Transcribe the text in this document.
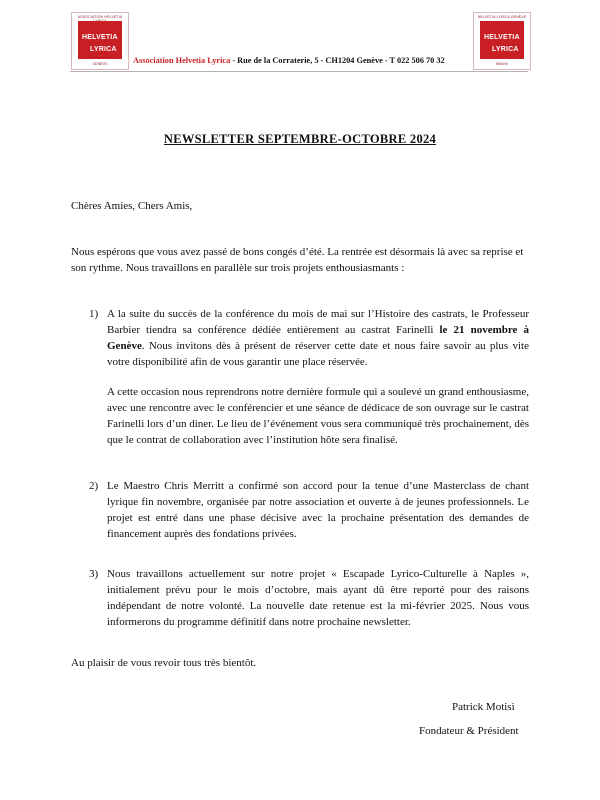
ASSOCIATION HELVETIA
HELVETIA
LYRICA
GENÈVE
HELVETIA LYRICA GENÈVE
HELVETIA
LYRICA
MMXVII
Association Helvetia Lyrica - Rue de la Corraterie, 5 - CH1204 Genève - T 022 506 70 32
NEWSLETTER SEPTEMBRE-OCTOBRE 2024
Chères Amies, Chers Amis,
Nous espérons que vous avez passé de bons congés d’été. La rentrée est désormais là avec sa reprise et son rythme. Nous travaillons en parallèle sur trois projets enthousiasmants :
1) A la suite du succès de la conférence du mois de mai sur l’Histoire des castrats, le Professeur Barbier tiendra sa conférence dédiée entièrement au castrat Farinelli le 21 novembre à Genève. Nous invitons dès à présent de réserver cette date et nous faire savoir au plus vite votre disponibilité afin de vous garantir une place réservée.

A cette occasion nous reprendrons notre dernière formule qui a soulevé un grand enthousiasme, avec une rencontre avec le conférencier et une séance de dédicace de son ouvrage sur le castrat Farinelli lors d’un diner. Le lieu de l’événement vous sera communiqué très prochainement, dès que le contrat de collaboration avec l’institution hôte sera finalisé.

2) Le Maestro Chris Merritt a confirmé son accord pour la tenue d’une Masterclass de chant lyrique fin novembre, organisée par notre association et ouverte à de jeunes professionnels. Le projet est entré dans une phase décisive avec la prochaine présentation des demandes de financement auprès des fondations privées.
3) Nous travaillons actuellement sur notre projet « Escapade Lyrico-Culturelle à Naples », initialement prévu pour le mois d’octobre, mais ayant dû être reporté pour des raisons indépendant de notre volonté. La nouvelle date retenue est la mi-février 2025. Nous vous informerons du programme définitif dans notre prochaine newsletter.
Au plaisir de vous revoir tous très bientôt.
Patrick Motisi
Fondateur & Président
